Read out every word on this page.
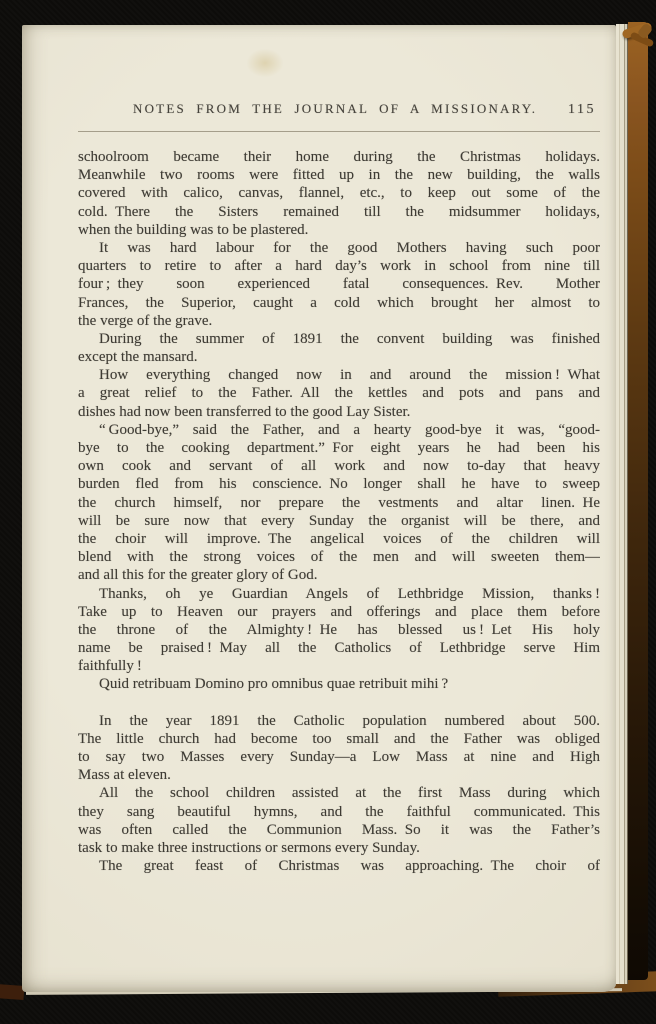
NOTES FROM THE JOURNAL OF A MISSIONARY. 115
schoolroom became their home during the Christmas holidays.
Meanwhile two rooms were fitted up in the new building, the walls
covered with calico, canvas, flannel, etc., to keep out some of the
cold. There the Sisters remained till the midsummer holidays,
when the building was to be plastered.
It was hard labour for the good Mothers having such poor
quarters to retire to after a hard day’s work in school from nine till
four ; they soon experienced fatal consequences. Rev. Mother
Frances, the Superior, caught a cold which brought her almost to
the verge of the grave.
During the summer of 1891 the convent building was finished
except the mansard.
How everything changed now in and around the mission ! What
a great relief to the Father. All the kettles and pots and pans and
dishes had now been transferred to the good Lay Sister.
“ Good-bye,” said the Father, and a hearty good-bye it was, “good-
bye to the cooking department.” For eight years he had been his
own cook and servant of all work and now to-day that heavy
burden fled from his conscience. No longer shall he have to sweep
the church himself, nor prepare the vestments and altar linen. He
will be sure now that every Sunday the organist will be there, and
the choir will improve. The angelical voices of the children will
blend with the strong voices of the men and will sweeten them—
and all this for the greater glory of God.
Thanks, oh ye Guardian Angels of Lethbridge Mission, thanks !
Take up to Heaven our prayers and offerings and place them before
the throne of the Almighty ! He has blessed us ! Let His holy
name be praised ! May all the Catholics of Lethbridge serve Him
faithfully !
Quid retribuam Domino pro omnibus quae retribuit mihi ?
In the year 1891 the Catholic population numbered about 500.
The little church had become too small and the Father was obliged
to say two Masses every Sunday—a Low Mass at nine and High
Mass at eleven.
All the school children assisted at the first Mass during which
they sang beautiful hymns, and the faithful communicated. This
was often called the Communion Mass. So it was the Father’s
task to make three instructions or sermons every Sunday.
The great feast of Christmas was approaching. The choir of
